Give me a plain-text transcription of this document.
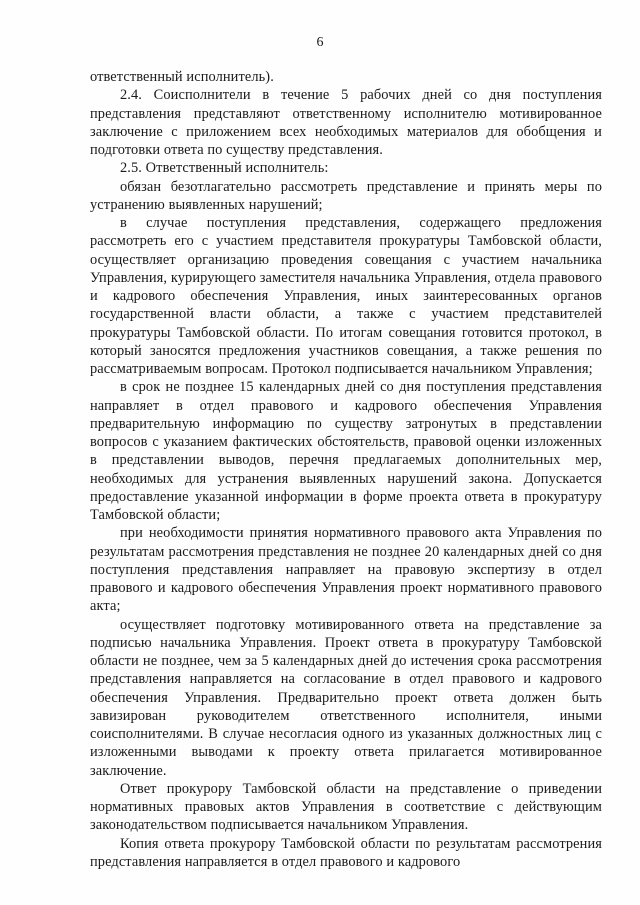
6

ответственный исполнитель).

2.4. Соисполнители в течение 5 рабочих дней со дня поступления представления представляют ответственному исполнителю мотивированное заключение с приложением всех необходимых материалов для обобщения и подготовки ответа по существу представления.

2.5. Ответственный исполнитель:

обязан безотлагательно рассмотреть представление и принять меры по устранению выявленных нарушений;

в случае поступления представления, содержащего предложения рассмотреть его с участием представителя прокуратуры Тамбовской области, осуществляет организацию проведения совещания с участием начальника Управления, курирующего заместителя начальника Управления, отдела правового и кадрового обеспечения Управления, иных заинтересованных органов государственной власти области, а также с участием представителей прокуратуры Тамбовской области. По итогам совещания готовится протокол, в который заносятся предложения участников совещания, а также решения по рассматриваемым вопросам. Протокол подписывается начальником Управления;

в срок не позднее 15 календарных дней со дня поступления представления направляет в отдел правового и кадрового обеспечения Управления предварительную информацию по существу затронутых в представлении вопросов с указанием фактических обстоятельств, правовой оценки изложенных в представлении выводов, перечня предлагаемых дополнительных мер, необходимых для устранения выявленных нарушений закона. Допускается предоставление указанной информации в форме проекта ответа в прокуратуру Тамбовской области;

при необходимости принятия нормативного правового акта Управления по результатам рассмотрения представления не позднее 20 календарных дней со дня поступления представления направляет на правовую экспертизу в отдел правового и кадрового обеспечения Управления проект нормативного правового акта;

осуществляет подготовку мотивированного ответа на представление за подписью начальника Управления. Проект ответа в прокуратуру Тамбовской области не позднее, чем за 5 календарных дней до истечения срока рассмотрения представления направляется на согласование в отдел правового и кадрового обеспечения Управления. Предварительно проект ответа должен быть завизирован руководителем ответственного исполнителя, иными соисполнителями. В случае несогласия одного из указанных должностных лиц с изложенными выводами к проекту ответа прилагается мотивированное заключение.

Ответ прокурору Тамбовской области на представление о приведении нормативных правовых актов Управления в соответствие с действующим законодательством подписывается начальником Управления.

Копия ответа прокурору Тамбовской области по результатам рассмотрения представления направляется в отдел правового и кадрового
